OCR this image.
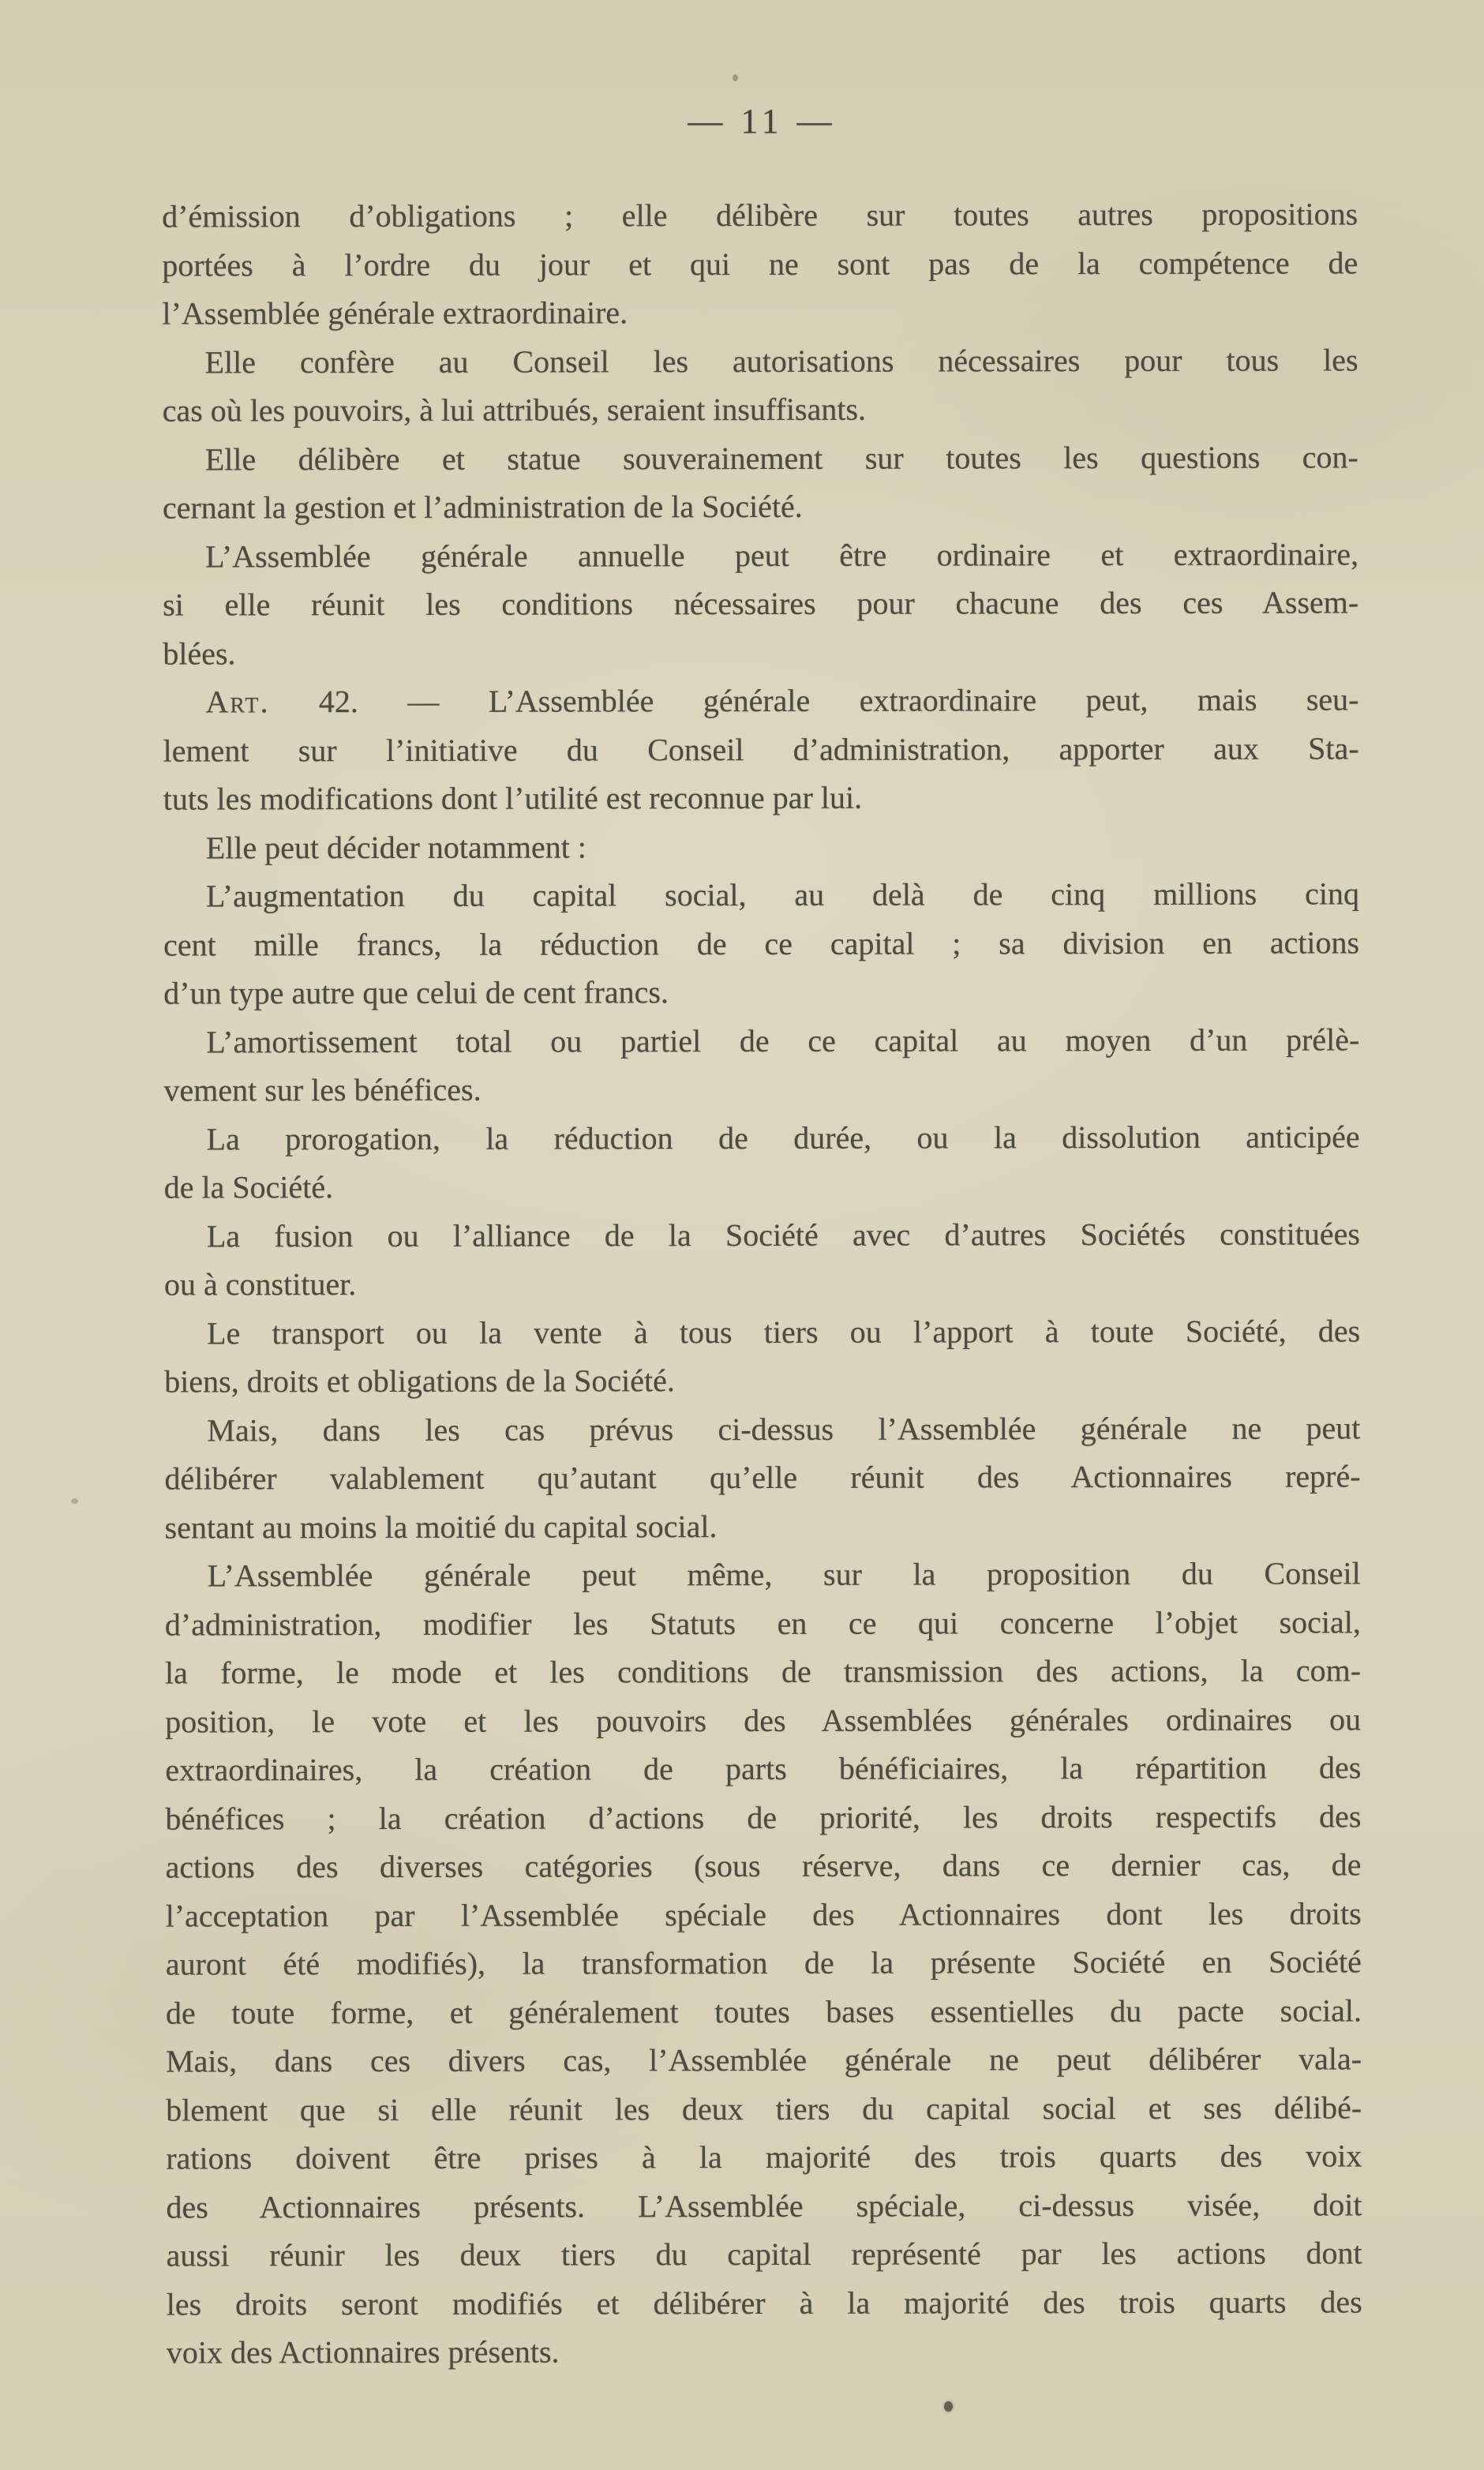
— 11 —
d’émission d’obligations ; elle délibère sur toutes autres propositions
portées à l’ordre du jour et qui ne sont pas de la compétence de
l’Assemblée générale extraordinaire.
Elle confère au Conseil les autorisations nécessaires pour tous les
cas où les pouvoirs, à lui attribués, seraient insuffisants.
Elle délibère et statue souverainement sur toutes les questions con-
cernant la gestion et l’administration de la Société.
L’Assemblée générale annuelle peut être ordinaire et extraordinaire,
si elle réunit les conditions nécessaires pour chacune des ces Assem-
blées.
Art. 42. — L’Assemblée générale extraordinaire peut, mais seu-
lement sur l’initiative du Conseil d’administration, apporter aux Sta-
tuts les modifications dont l’utilité est reconnue par lui.
Elle peut décider notamment :
L’augmentation du capital social, au delà de cinq millions cinq
cent mille francs, la réduction de ce capital ; sa division en actions
d’un type autre que celui de cent francs.
L’amortissement total ou partiel de ce capital au moyen d’un prélè-
vement sur les bénéfices.
La prorogation, la réduction de durée, ou la dissolution anticipée
de la Société.
La fusion ou l’alliance de la Société avec d’autres Sociétés constituées
ou à constituer.
Le transport ou la vente à tous tiers ou l’apport à toute Société, des
biens, droits et obligations de la Société.
Mais, dans les cas prévus ci-dessus l’Assemblée générale ne peut
délibérer valablement qu’autant qu’elle réunit des Actionnaires repré-
sentant au moins la moitié du capital social.
L’Assemblée générale peut même, sur la proposition du Conseil
d’administration, modifier les Statuts en ce qui concerne l’objet social,
la forme, le mode et les conditions de transmission des actions, la com-
position, le vote et les pouvoirs des Assemblées générales ordinaires ou
extraordinaires, la création de parts bénéficiaires, la répartition des
bénéfices ; la création d’actions de priorité, les droits respectifs des
actions des diverses catégories (sous réserve, dans ce dernier cas, de
l’acceptation par l’Assemblée spéciale des Actionnaires dont les droits
auront été modifiés), la transformation de la présente Société en Société
de toute forme, et généralement toutes bases essentielles du pacte social.
Mais, dans ces divers cas, l’Assemblée générale ne peut délibérer vala-
blement que si elle réunit les deux tiers du capital social et ses délibé-
rations doivent être prises à la majorité des trois quarts des voix
des Actionnaires présents. L’Assemblée spéciale, ci-dessus visée, doit
aussi réunir les deux tiers du capital représenté par les actions dont
les droits seront modifiés et délibérer à la majorité des trois quarts des
voix des Actionnaires présents.
